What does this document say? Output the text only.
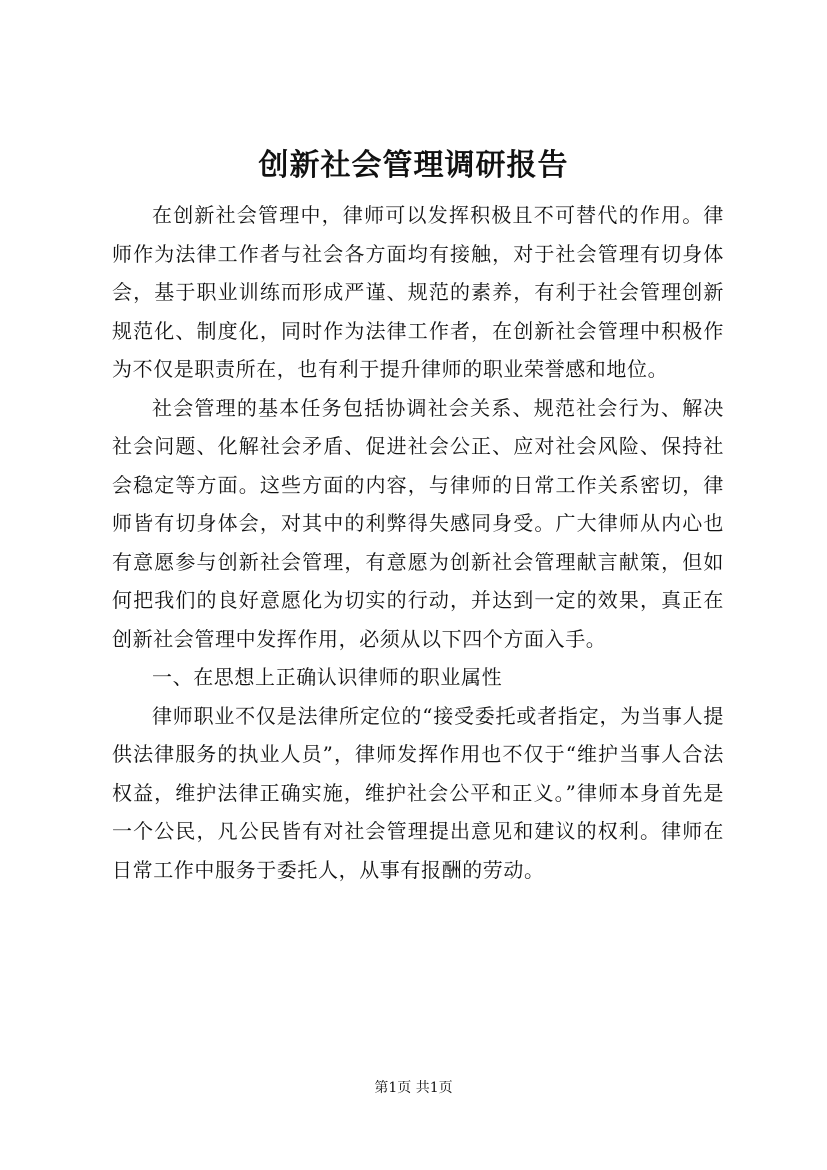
创新社会管理调研报告

在创新社会管理中，律师可以发挥积极且不可替代的作用。律师作为法律工作者与社会各方面均有接触，对于社会管理有切身体会，基于职业训练而形成严谨、规范的素养，有利于社会管理创新规范化、制度化，同时作为法律工作者，在创新社会管理中积极作为不仅是职责所在，也有利于提升律师的职业荣誉感和地位。

社会管理的基本任务包括协调社会关系、规范社会行为、解决社会问题、化解社会矛盾、促进社会公正、应对社会风险、保持社会稳定等方面。这些方面的内容，与律师的日常工作关系密切，律师皆有切身体会，对其中的利弊得失感同身受。广大律师从内心也有意愿参与创新社会管理，有意愿为创新社会管理献言献策，但如何把我们的良好意愿化为切实的行动，并达到一定的效果，真正在创新社会管理中发挥作用，必须从以下四个方面入手。

一、在思想上正确认识律师的职业属性

律师职业不仅是法律所定位的“接受委托或者指定，为当事人提供法律服务的执业人员”，律师发挥作用也不仅于“维护当事人合法权益，维护法律正确实施，维护社会公平和正义。”律师本身首先是一个公民，凡公民皆有对社会管理提出意见和建议的权利。律师在日常工作中服务于委托人，从事有报酬的劳动。

第1页 共1页
